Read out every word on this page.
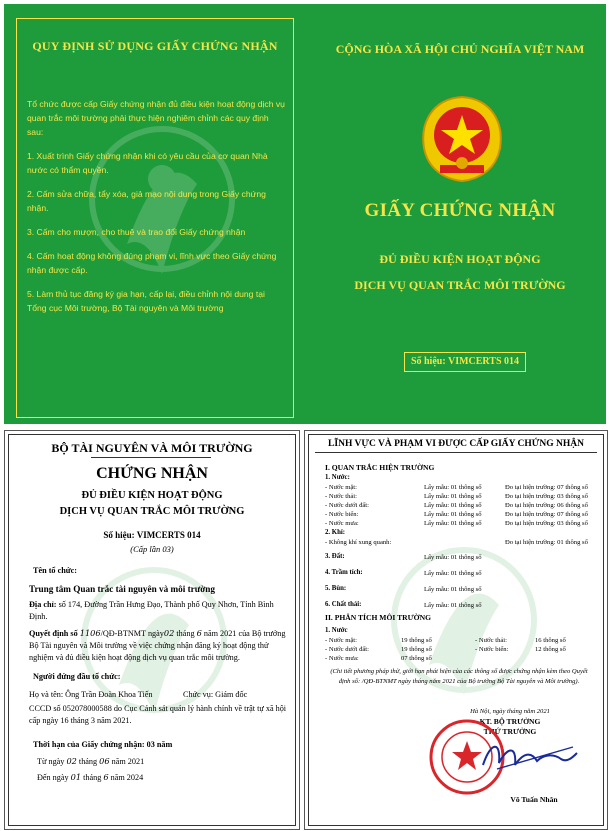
QUY ĐỊNH SỬ DỤNG GIẤY CHỨNG NHẬN

Tổ chức được cấp Giấy chứng nhận đủ điều kiện hoạt động dịch vụ quan trắc môi trường phải thực hiện nghiêm chỉnh các quy định sau:

1. Xuất trình Giấy chứng nhận khi có yêu cầu của cơ quan Nhà nước có thẩm quyền.

2. Cấm sửa chữa, tẩy xóa, giả mạo nội dung trong Giấy chứng nhận.

3. Cấm cho mượn, cho thuê và trao đổi Giấy chứng nhận

4. Cấm hoạt động không đúng phạm vi, lĩnh vực theo Giấy chứng nhận được cấp.

5. Làm thủ tục đăng ký gia hạn, cấp lại, điều chỉnh nội dung tại Tổng cục Môi trường, Bộ Tài nguyên và Môi trường

CỘNG HÒA XÃ HỘI CHỦ NGHĨA VIỆT NAM
GIẤY CHỨNG NHẬN
ĐỦ ĐIỀU KIỆN HOẠT ĐỘNG
DỊCH VỤ QUAN TRẮC MÔI TRƯỜNG
Số hiệu: VIMCERTS 014
BỘ TÀI NGUYÊN VÀ MÔI TRƯỜNG
CHỨNG NHẬN
ĐỦ ĐIỀU KIỆN HOẠT ĐỘNG
DỊCH VỤ QUAN TRẮC MÔI TRƯỜNG
Số hiệu: VIMCERTS 014
(Cấp lần 03)
Tên tổ chức:
Trung tâm Quan trắc tài nguyên và môi trường
Địa chỉ: số 174, Đường Trần Hưng Đạo, Thành phố Quy Nhơn, Tỉnh Bình Định.
Quyết định số 1106/QĐ-BTNMT ngày02 tháng 6 năm 2021 của Bộ trưởng Bộ Tài nguyên và Môi trường về việc chứng nhận đăng ký hoạt động thử nghiệm và đủ điều kiện hoạt động dịch vụ quan trắc môi trường.
Người đứng đầu tổ chức:
Họ và tên: Ông Trần Đoàn Khoa Tiến	Chức vụ: Giám đốc
CCCD số 052078000588 do Cục Cảnh sát quản lý hành chính về trật tự xã hội cấp ngày 16 tháng 3 năm 2021.
Thời hạn của Giấy chứng nhận: 03 năm
Từ ngày 02 tháng 06 năm 2021
Đến ngày 01 tháng 6 năm 2024
LĨNH VỰC VÀ PHẠM VI ĐƯỢC CẤP GIẤY CHỨNG NHẬN
I. QUAN TRẮC HIỆN TRƯỜNG
1. Nước:
- Nước mặt:	Lấy mẫu: 01 thông số	Đo tại hiện trường: 07 thông số
- Nước thải:	Lấy mẫu: 01 thông số	Đo tại hiện trường: 03 thông số
- Nước dưới đất:	Lấy mẫu: 01 thông số	Đo tại hiện trường: 06 thông số
- Nước biển:	Lấy mẫu: 01 thông số	Đo tại hiện trường: 07 thông số
- Nước mưa:	Lấy mẫu: 01 thông số	Đo tại hiện trường: 03 thông số
2. Khí:
- Không khí xung quanh:	Đo tại hiện trường: 01 thông số
3. Đất:	Lấy mẫu: 01 thông số
4. Trầm tích:	Lấy mẫu: 01 thông số
5. Bùn:	Lấy mẫu: 01 thông số
6. Chất thải:	Lấy mẫu: 01 thông số
II. PHÂN TÍCH MÔI TRƯỜNG
1. Nước
- Nước mặt:	19 thông số	- Nước thải:	16 thông số
- Nước dưới đất:	19 thông số	- Nước biển:	12 thông số
- Nước mưa:	07 thông số
(Chi tiết phương pháp thử, giới hạn phát hiện của các thông số được chứng nhận kèm theo Quyết định số: /QĐ-BTNMT ngày tháng năm 2021 của Bộ trưởng Bộ Tài nguyên và Môi trường).
Hà Nội, ngày tháng năm 2021
KT. BỘ TRƯỞNG
THỨ TRƯỞNG
Võ Tuấn Nhân
